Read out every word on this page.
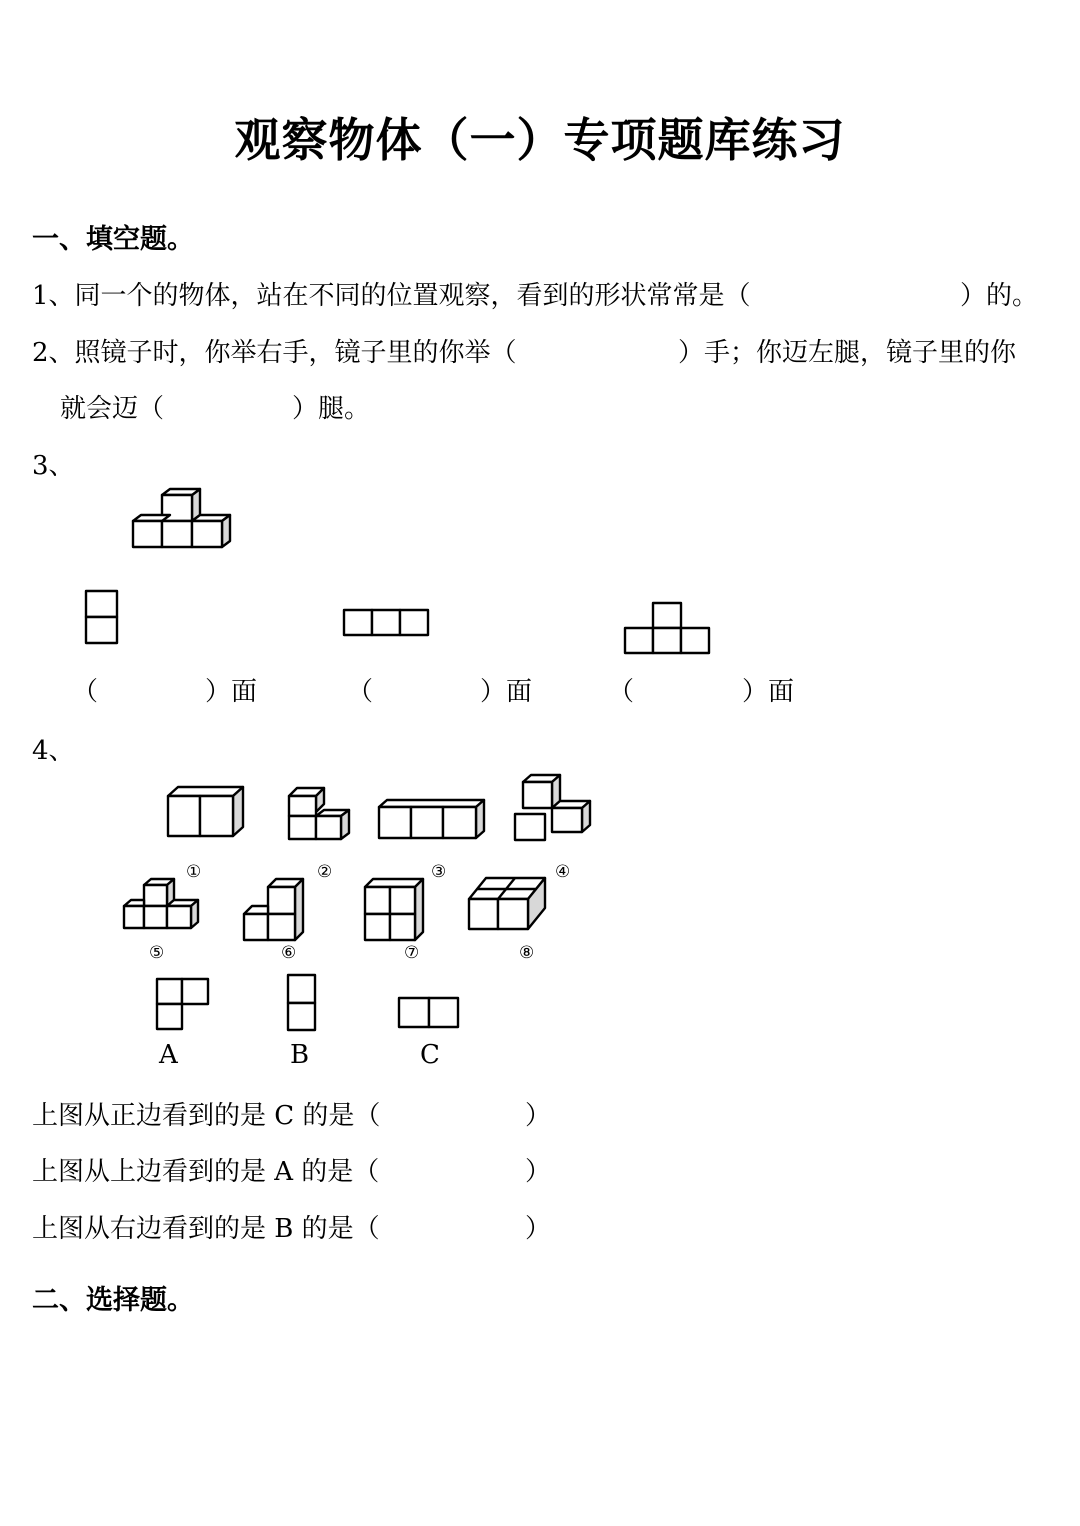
观察物体（一）专项题库练习
一、填空题。
1、同一个的物体，站在不同的位置观察，看到的形状常常是（	）的。
2、照镜子时，你举右手，镜子里的你举（	）手；你迈左腿，镜子里的你
就会迈（	）腿。
3、
（	）面	（	）面	（	）面
4、
①	②	③	④
⑤	⑥	⑦	⑧
A	B	C
上图从正边看到的是 C 的是（	）
上图从上边看到的是 A 的是（	）
上图从右边看到的是 B 的是（	）
二、选择题。
